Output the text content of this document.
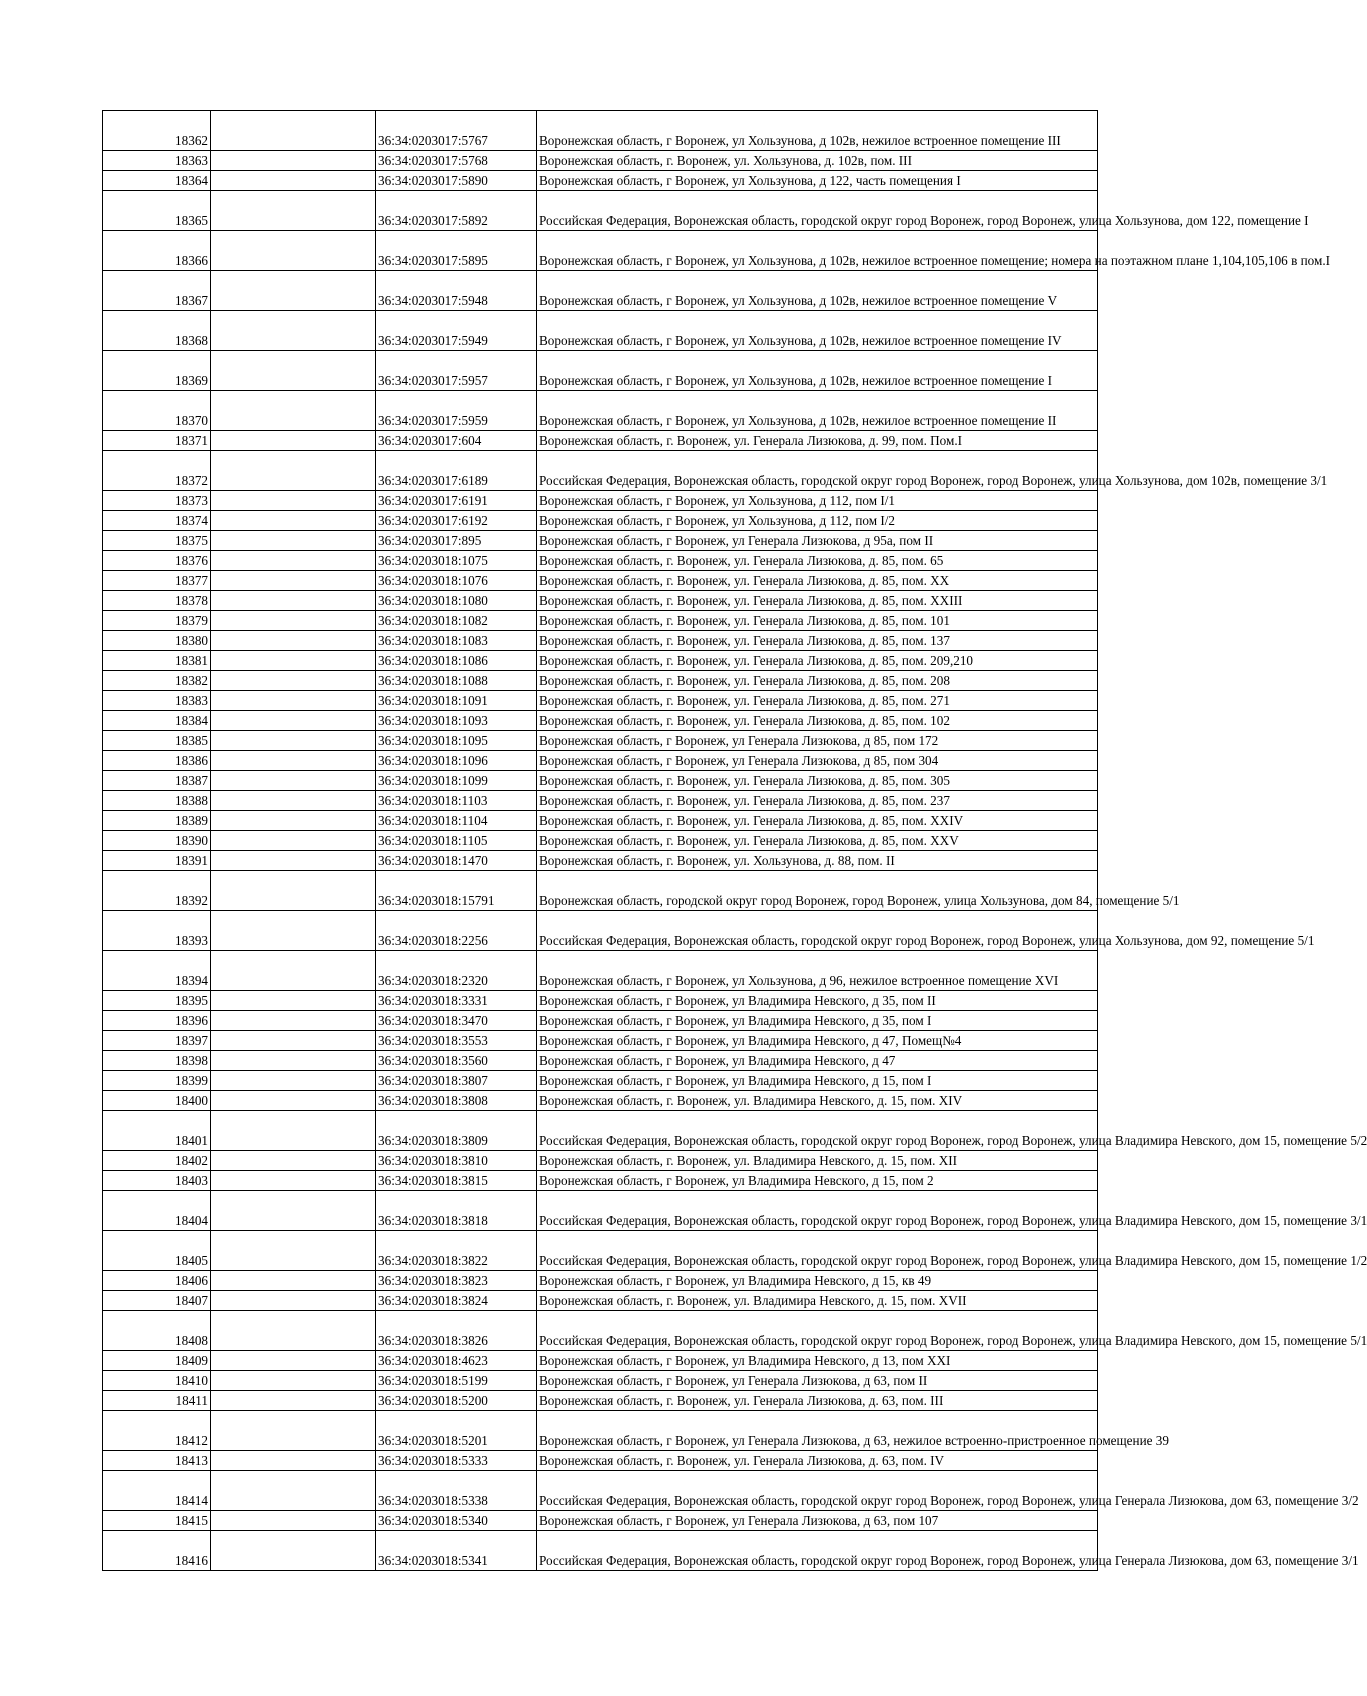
18362		36:34:0203017:5767	Воронежская область, г Воронеж, ул Хользунова, д 102в, нежилое встроенное помещение III
18363		36:34:0203017:5768	Воронежская область, г. Воронеж, ул. Хользунова, д. 102в, пом. III
18364		36:34:0203017:5890	Воронежская область, г Воронеж, ул Хользунова, д 122, часть помещения I
18365		36:34:0203017:5892	Российская Федерация, Воронежская область, городской округ город Воронеж, город Воронеж, улица Хользунова, дом 122, помещение I
18366		36:34:0203017:5895	Воронежская область, г Воронеж, ул Хользунова, д 102в, нежилое встроенное помещение; номера на поэтажном плане 1,104,105,106 в пом.I
18367		36:34:0203017:5948	Воронежская область, г Воронеж, ул Хользунова, д 102в, нежилое встроенное помещение V
18368		36:34:0203017:5949	Воронежская область, г Воронеж, ул Хользунова, д 102в, нежилое встроенное помещение IV
18369		36:34:0203017:5957	Воронежская область, г Воронеж, ул Хользунова, д 102в, нежилое встроенное помещение I
18370		36:34:0203017:5959	Воронежская область, г Воронеж, ул Хользунова, д 102в, нежилое встроенное помещение II
18371		36:34:0203017:604	Воронежская область, г. Воронеж, ул. Генерала Лизюкова, д. 99, пом. Пом.I
18372		36:34:0203017:6189	Российская Федерация, Воронежская область, городской округ город Воронеж, город Воронеж, улица Хользунова, дом 102в, помещение 3/1
18373		36:34:0203017:6191	Воронежская область, г Воронеж, ул Хользунова, д 112, пом I/1
18374		36:34:0203017:6192	Воронежская область, г Воронеж, ул Хользунова, д 112, пом I/2
18375		36:34:0203017:895	Воронежская область, г Воронеж, ул Генерала Лизюкова, д 95а, пом II
18376		36:34:0203018:1075	Воронежская область, г. Воронеж, ул. Генерала Лизюкова, д. 85, пом. 65
18377		36:34:0203018:1076	Воронежская область, г. Воронеж, ул. Генерала Лизюкова, д. 85, пом. XX
18378		36:34:0203018:1080	Воронежская область, г. Воронеж, ул. Генерала Лизюкова, д. 85, пом. XXIII
18379		36:34:0203018:1082	Воронежская область, г. Воронеж, ул. Генерала Лизюкова, д. 85, пом. 101
18380		36:34:0203018:1083	Воронежская область, г. Воронеж, ул. Генерала Лизюкова, д. 85, пом. 137
18381		36:34:0203018:1086	Воронежская область, г. Воронеж, ул. Генерала Лизюкова, д. 85, пом. 209,210
18382		36:34:0203018:1088	Воронежская область, г. Воронеж, ул. Генерала Лизюкова, д. 85, пом. 208
18383		36:34:0203018:1091	Воронежская область, г. Воронеж, ул. Генерала Лизюкова, д. 85, пом. 271
18384		36:34:0203018:1093	Воронежская область, г. Воронеж, ул. Генерала Лизюкова, д. 85, пом. 102
18385		36:34:0203018:1095	Воронежская область, г Воронеж, ул Генерала Лизюкова, д 85, пом 172
18386		36:34:0203018:1096	Воронежская область, г Воронеж, ул Генерала Лизюкова, д 85, пом 304
18387		36:34:0203018:1099	Воронежская область, г. Воронеж, ул. Генерала Лизюкова, д. 85, пом. 305
18388		36:34:0203018:1103	Воронежская область, г. Воронеж, ул. Генерала Лизюкова, д. 85, пом. 237
18389		36:34:0203018:1104	Воронежская область, г. Воронеж, ул. Генерала Лизюкова, д. 85, пом. XXIV
18390		36:34:0203018:1105	Воронежская область, г. Воронеж, ул. Генерала Лизюкова, д. 85, пом. XXV
18391		36:34:0203018:1470	Воронежская область, г. Воронеж, ул. Хользунова, д. 88, пом. II
18392		36:34:0203018:15791	Воронежская область, городской округ город Воронеж, город Воронеж, улица Хользунова, дом 84, помещение 5/1
18393		36:34:0203018:2256	Российская Федерация, Воронежская область, городской округ город Воронеж, город Воронеж, улица Хользунова, дом 92, помещение 5/1
18394		36:34:0203018:2320	Воронежская область, г Воронеж, ул Хользунова, д 96, нежилое встроенное помещение XVI
18395		36:34:0203018:3331	Воронежская область, г Воронеж, ул Владимира Невского, д 35, пом II
18396		36:34:0203018:3470	Воронежская область, г Воронеж, ул Владимира Невского, д 35, пом I
18397		36:34:0203018:3553	Воронежская область, г Воронеж, ул Владимира Невского, д 47, Помещ№4
18398		36:34:0203018:3560	Воронежская область, г Воронеж, ул Владимира Невского, д 47
18399		36:34:0203018:3807	Воронежская область, г Воронеж, ул Владимира Невского, д 15, пом I
18400		36:34:0203018:3808	Воронежская область, г. Воронеж, ул. Владимира Невского, д. 15, пом. XIV
18401		36:34:0203018:3809	Российская Федерация, Воронежская область, городской округ город Воронеж, город Воронеж, улица Владимира Невского, дом 15, помещение 5/2
18402		36:34:0203018:3810	Воронежская область, г. Воронеж, ул. Владимира Невского, д. 15, пом. XII
18403		36:34:0203018:3815	Воронежская область, г Воронеж, ул Владимира Невского, д 15, пом 2
18404		36:34:0203018:3818	Российская Федерация, Воронежская область, городской округ город Воронеж, город Воронеж, улица Владимира Невского, дом 15, помещение 3/1
18405		36:34:0203018:3822	Российская Федерация, Воронежская область, городской округ город Воронеж, город Воронеж, улица Владимира Невского, дом 15, помещение 1/2
18406		36:34:0203018:3823	Воронежская область, г Воронеж, ул Владимира Невского, д 15, кв 49
18407		36:34:0203018:3824	Воронежская область, г. Воронеж, ул. Владимира Невского, д. 15, пом. XVII
18408		36:34:0203018:3826	Российская Федерация, Воронежская область, городской округ город Воронеж, город Воронеж, улица Владимира Невского, дом 15, помещение 5/1
18409		36:34:0203018:4623	Воронежская область, г Воронеж, ул Владимира Невского, д 13, пом XXI
18410		36:34:0203018:5199	Воронежская область, г Воронеж, ул Генерала Лизюкова, д 63, пом II
18411		36:34:0203018:5200	Воронежская область, г. Воронеж, ул. Генерала Лизюкова, д. 63, пом. III
18412		36:34:0203018:5201	Воронежская область, г Воронеж, ул Генерала Лизюкова, д 63, нежилое встроенно-пристроенное помещение 39
18413		36:34:0203018:5333	Воронежская область, г. Воронеж, ул. Генерала Лизюкова, д. 63, пом. IV
18414		36:34:0203018:5338	Российская Федерация, Воронежская область, городской округ город Воронеж, город Воронеж, улица Генерала Лизюкова, дом 63, помещение 3/2
18415		36:34:0203018:5340	Воронежская область, г Воронеж, ул Генерала Лизюкова, д 63, пом 107
18416		36:34:0203018:5341	Российская Федерация, Воронежская область, городской округ город Воронеж, город Воронеж, улица Генерала Лизюкова, дом 63, помещение 3/1
